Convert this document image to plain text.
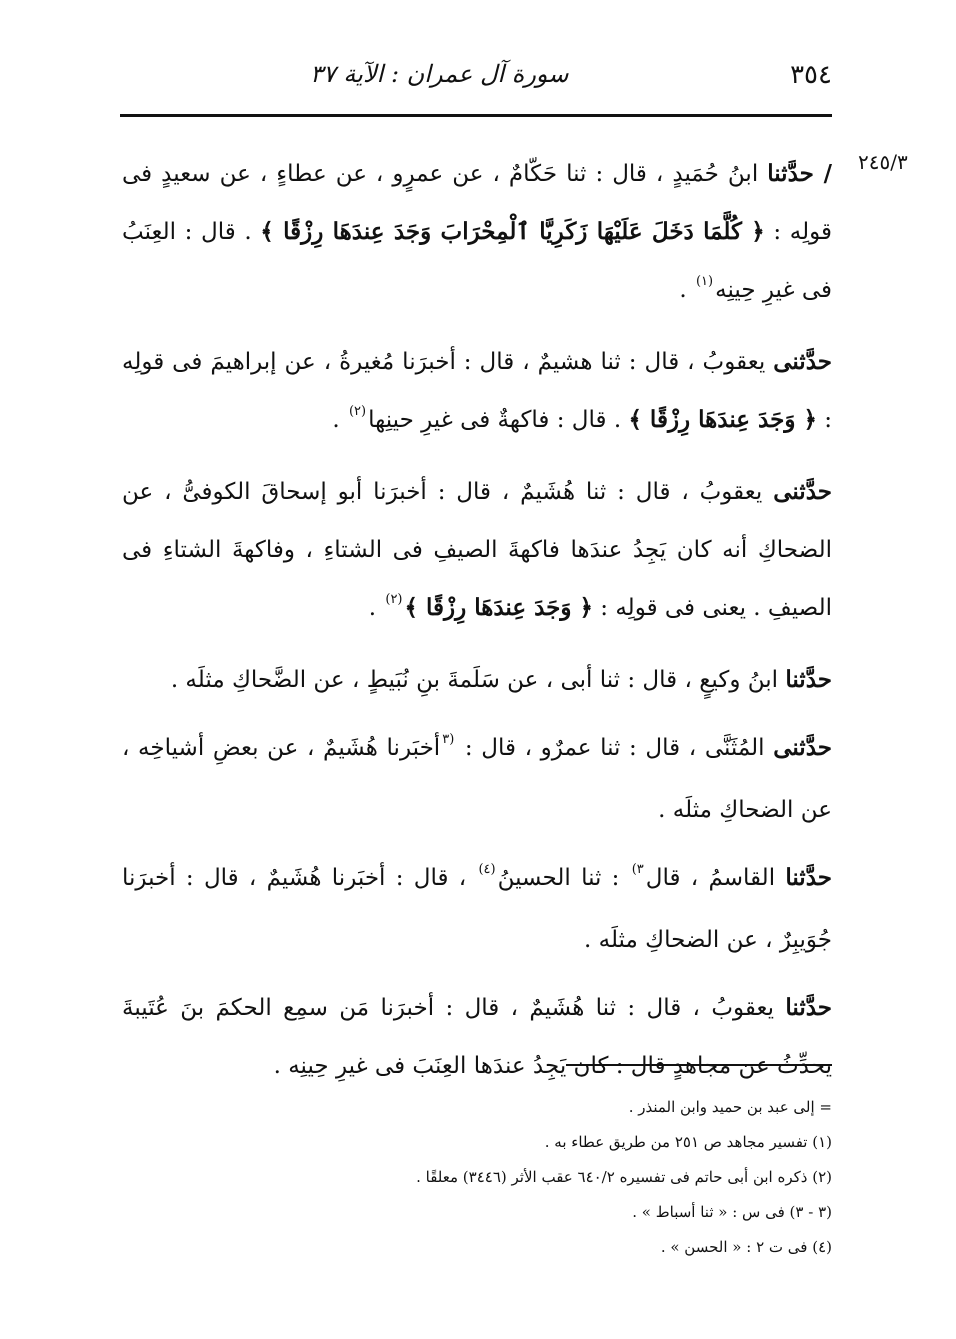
٣٥٤
سورة آل عمران : الآية ٣٧
٢٤٥/٣

/ حدَّثنا ابنُ حُمَيدٍ ، قال : ثنا حَكّامٌ ، عن عمرٍو ، عن عطاءٍ ، عن سعيدٍ فى قولِه : ﴿ كُلَّمَا دَخَلَ عَلَيْهَا زَكَرِيَّا ٱلْمِحْرَابَ وَجَدَ عِندَهَا رِزْقًا ﴾ . قال : العِنَبُ فى غيرِ حِينِه$^{(١)}$ .

حدَّثنى يعقوبُ ، قال : ثنا هشيمٌ ، قال : أخبرَنا مُغيرةُ ، عن إبراهيمَ فى قولِه : ﴿ وَجَدَ عِندَهَا رِزْقًا ﴾ . قال : فاكهةٌ فى غيرِ حينِها$^{(٢)}$ .

حدَّثنى يعقوبُ ، قال : ثنا هُشَيمٌ ، قال : أخبرَنا أبو إسحاقَ الكوفىُّ ، عن الضحاكِ أنه كان يَجِدُ عندَها فاكهةَ الصيفِ فى الشتاءِ ، وفاكهةَ الشتاءِ فى الصيفِ . يعنى فى قولِه : ﴿ وَجَدَ عِندَهَا رِزْقًا ﴾$^{(٢)}$ .

حدَّثنا ابنُ وكيعٍ ، قال : ثنا أبى ، عن سَلَمةَ بنِ نُبَيطٍ ، عن الضَّحاكِ مثلَه .

حدَّثنى المُثَنَّى ، قال : ثنا عمرٌو ، قال : $^{(٣}$أخبَرنا هُشَيمٌ ، عن بعضِ أشياخِه ، عن الضحاكِ مثلَه .

حدَّثنا القاسمُ ، قال$^{٣)}$ : ثنا الحسينُ$^{(٤)}$ ، قال : أخبَرنا هُشَيمٌ ، قال : أخبرَنا جُوَيبِرٌ ، عن الضحاكِ مثلَه .

حدَّثنا يعقوبُ ، قال : ثنا هُشَيمٌ ، قال : أخبرَنا مَن سمِع الحكمَ بنَ عُتَيبةَ يحدِّثُ عن مجاهدٍ قال : كان يَجِدُ عندَها العِنَبَ فى غيرِ حِينِه .

= إلى عبد بن حميد وابن المنذر .
(١) تفسير مجاهد ص ٢٥١ من طريق عطاء به .
(٢) ذكره ابن أبى حاتم فى تفسيره ٦٤٠/٢ عقب الأثر (٣٤٤٦) معلقًا .
(٣ - ٣) فى س : « ثنا أسباط » .
(٤) فى ت ٢ : « الحسن » .
